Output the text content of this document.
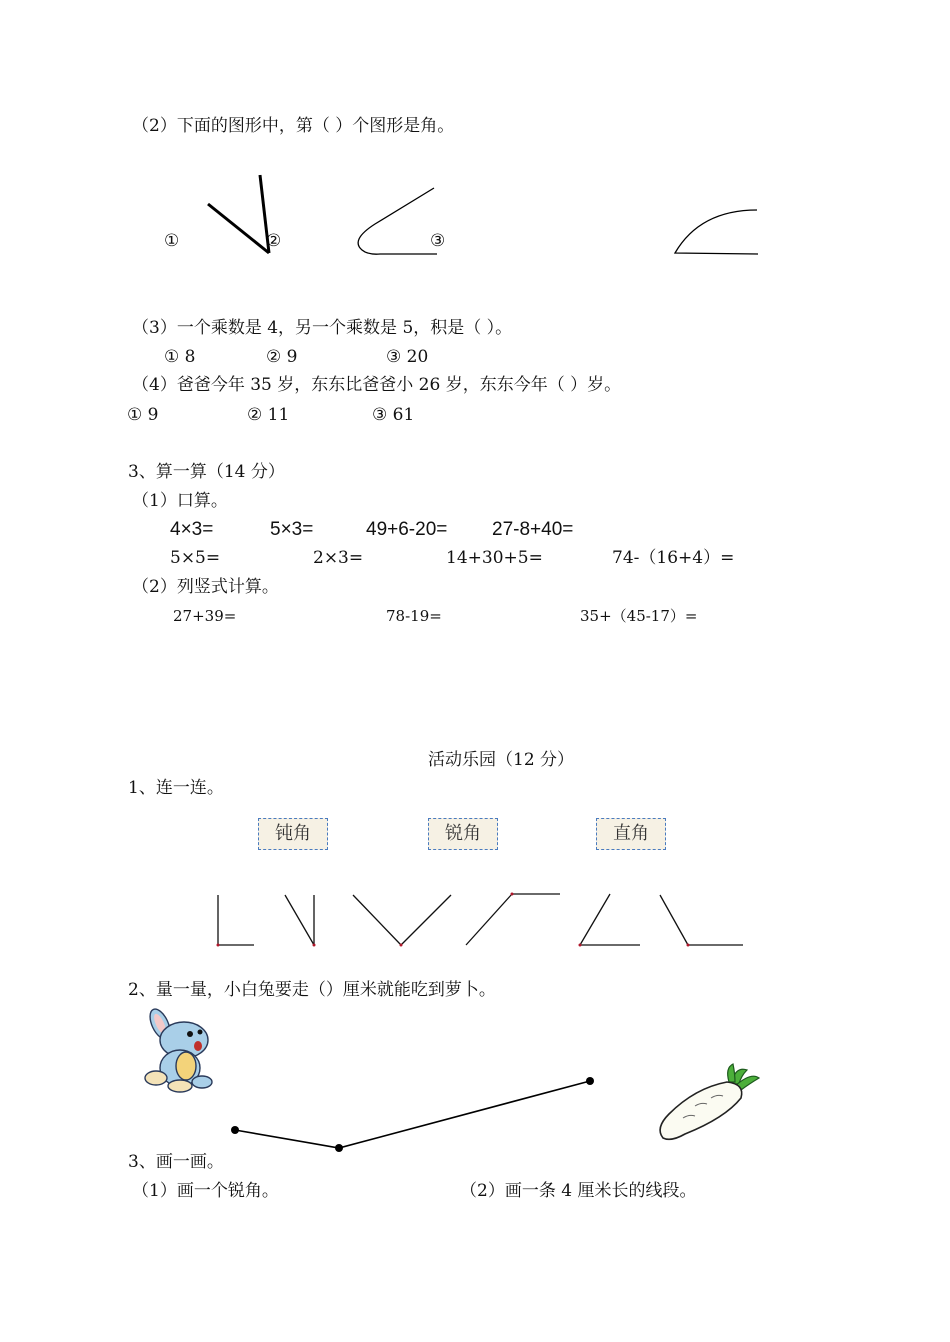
（2）下面的图形中，第（ ）个图形是角。
①	②	③
（3）一个乘数是 4，另一个乘数是 5，积是（ ）。
① 8	② 9	③ 20
（4）爸爸今年 35 岁，东东比爸爸小 26 岁，东东今年（ ）岁。
① 9	② 11	③ 61
3、算一算（14 分）
（1）口算。
4×3=	5×3=	49+6-20= 27-8+40=
5×5=	2×3=	14+30+5=	74-（16+4）=
（2）列竖式计算。
27+39=	78-19=	35+（45-17）=
活动乐园（12 分）
1、连一连。
钝角	锐角	直角
2、量一量，小白兔要走（）厘米就能吃到萝卜。
3、画一画。
（1）画一个锐角。	（2）画一条 4 厘米长的线段。
